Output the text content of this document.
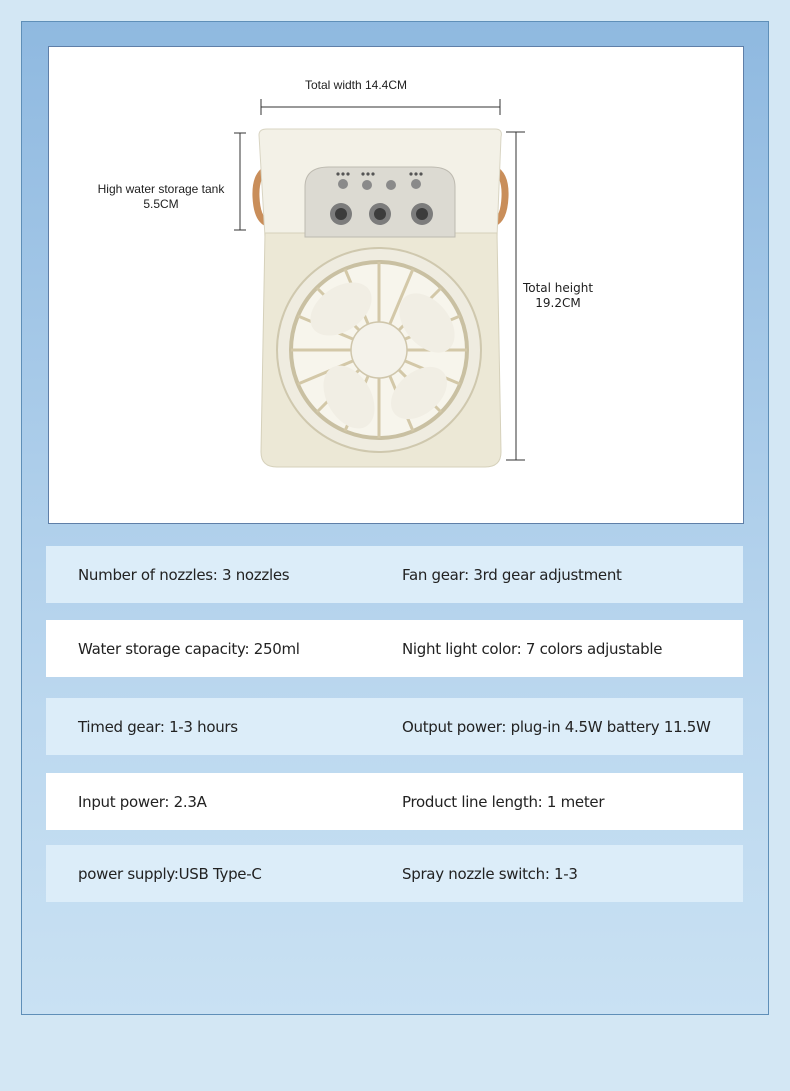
Total width 14.4CM
High water storage tank
5.5CM
Total height
19.2CM
Number of nozzles: 3 nozzles	Fan gear: 3rd gear adjustment
Water storage capacity: 250ml	Night light color: 7 colors adjustable
Timed gear: 1-3 hours	Output power: plug-in 4.5W battery 11.5W
Input power: 2.3A	Product line length: 1 meter
power supply:USB Type-C	Spray nozzle switch: 1-3
